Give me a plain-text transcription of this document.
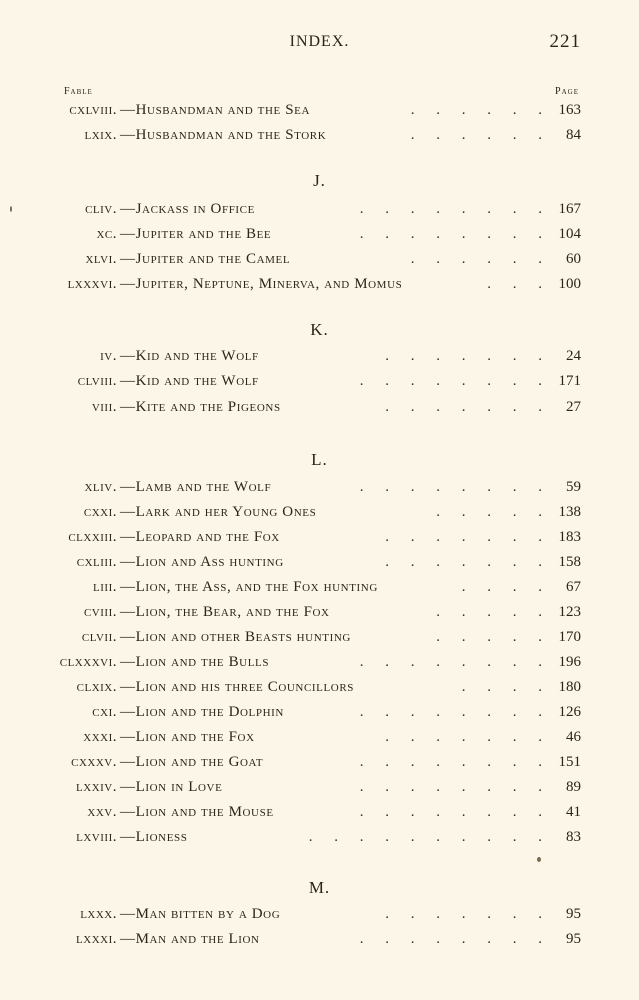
INDEX.	221
Fable	Page
cxlviii. —Husbandman and the Sea	. . . . . . 163
lxix. —Husbandman and the Stork	. . . . . . 84
J.
cliv. —Jackass in Office	. . . . . . . . 167
xc. —Jupiter and the Bee	. . . . . . . . 104
xlvi. —Jupiter and the Camel	. . . . . . 60
lxxxvi. —Jupiter, Neptune, Minerva, and Momus	. . . 100
K.
iv. —Kid and the Wolf	. . . . . . . 24
clviii. —Kid and the Wolf	. . . . . . . . 171
viii. —Kite and the Pigeons	. . . . . . . 27
L.
xliv. —Lamb and the Wolf	. . . . . . . . 59
cxxi. —Lark and her Young Ones	. . . . . 138
clxxiii. —Leopard and the Fox	. . . . . . . 183
cxliii. —Lion and Ass hunting	. . . . . . . 158
liii. —Lion, the Ass, and the Fox hunting	. . . . 67
cviii. —Lion, the Bear, and the Fox	. . . . . 123
clvii. —Lion and other Beasts hunting	. . . . . 170
clxxxvi. —Lion and the Bulls	. . . . . . . . 196
clxix. —Lion and his three Councillors	. . . . 180
cxi. —Lion and the Dolphin	. . . . . . . . 126
xxxi. —Lion and the Fox	. . . . . . . 46
cxxxv. —Lion and the Goat	. . . . . . . . 151
lxxiv. —Lion in Love	. . . . . . . . 89
xxv. —Lion and the Mouse	. . . . . . . . 41
lxviii. —Lioness	. . . . . . . . . . 83
M.
lxxx. —Man bitten by a Dog	. . . . . . . 95
lxxxi. —Man and the Lion	. . . . . . . . 95
